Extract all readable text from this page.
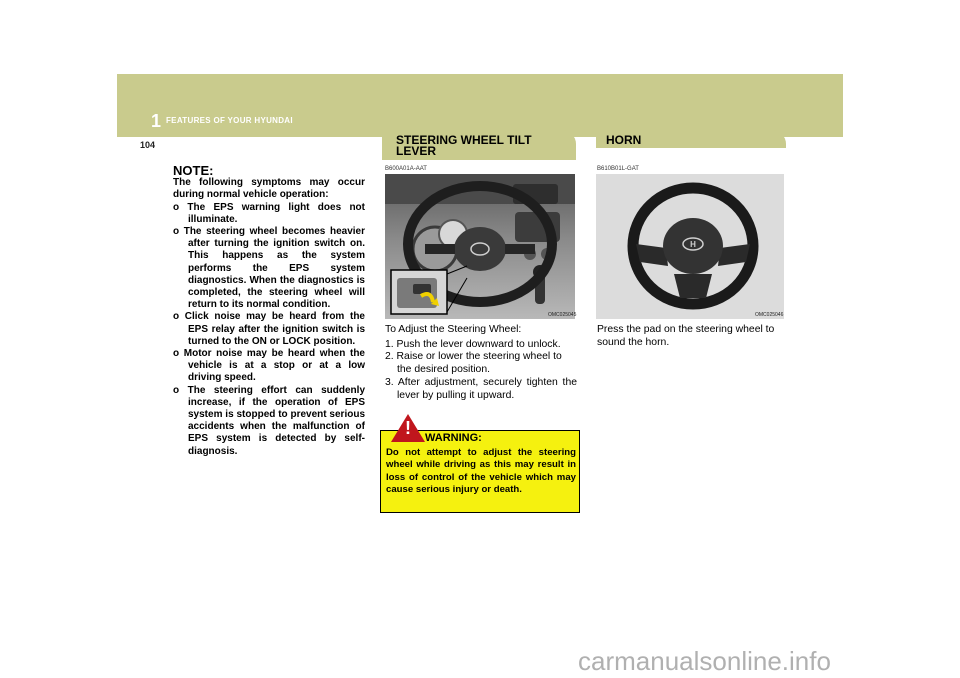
1 FEATURES OF YOUR HYUNDAI
104

NOTE:

The following symptoms may occur during normal vehicle operation:

o The EPS warning light does not illuminate.

o The steering wheel becomes heavier after turning the ignition switch on. This happens as the system performs the EPS system diagnostics. When the diagnostics is completed, the steering wheel will return to its normal condition.

o Click noise may be heard from the EPS relay after the ignition switch is turned to the ON or LOCK position.

o Motor noise may be heard when the vehicle is at a stop or at a low driving speed.

o The steering effort can suddenly increase, if the operation of EPS system is stopped to prevent serious accidents when the malfunction of EPS system is detected by self-diagnosis.

STEERING WHEEL TILT LEVER
B600A01A-AAT
OMC025045
To Adjust the Steering Wheel:
1. Push the lever downward to unlock.
2. Raise or lower the steering wheel to the desired position.
3. After adjustment, securely tighten the lever by pulling it upward.
! WARNING:
Do not attempt to adjust the steering wheel while driving as this may result in loss of control of the vehicle which may cause serious injury or death.
HORN
B610B01L-GAT
H
OMC025046
Press the pad on the steering wheel to sound the horn.
carmanualsonline.info
